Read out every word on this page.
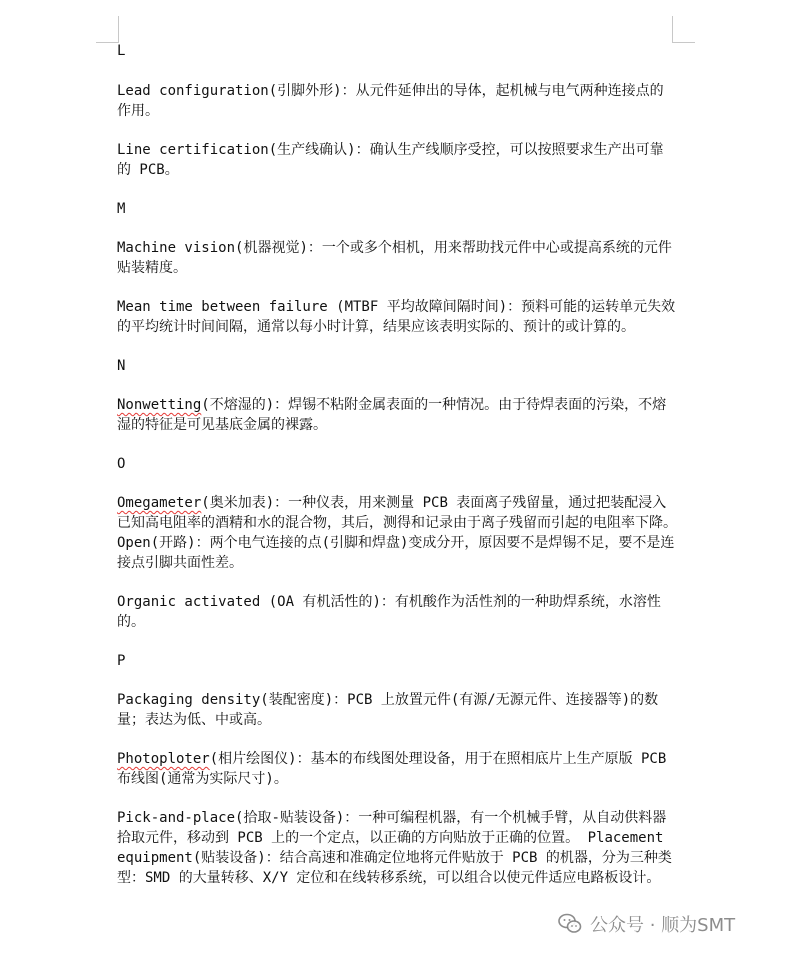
L

Lead configuration(引脚外形)：从元件延伸出的导体，起机械与电气两种连接点的作用。

Line certification(生产线确认)：确认生产线顺序受控，可以按照要求生产出可靠的 PCB。

M

Machine vision(机器视觉)：一个或多个相机，用来帮助找元件中心或提高系统的元件贴装精度。

Mean time between failure (MTBF 平均故障间隔时间)：预料可能的运转单元失效的平均统计时间间隔，通常以每小时计算，结果应该表明实际的、预计的或计算的。

N

Nonwetting(不熔湿的)：焊锡不粘附金属表面的一种情况。由于待焊表面的污染，不熔湿的特征是可见基底金属的裸露。

O

Omegameter(奥米加表)：一种仪表，用来测量 PCB 表面离子残留量，通过把装配浸入已知高电阻率的酒精和水的混合物，其后，测得和记录由于离子残留而引起的电阻率下降。Open(开路)：两个电气连接的点(引脚和焊盘)变成分开，原因要不是焊锡不足，要不是连接点引脚共面性差。

Organic activated (OA 有机活性的)：有机酸作为活性剂的一种助焊系统，水溶性的。

P

Packaging density(装配密度)：PCB 上放置元件(有源/无源元件、连接器等)的数量；表达为低、中或高。

Photoploter(相片绘图仪)：基本的布线图处理设备，用于在照相底片上生产原版 PCB 布线图(通常为实际尺寸)。

Pick-and-place(拾取-贴装设备)：一种可编程机器，有一个机械手臂，从自动供料器拾取元件，移动到 PCB 上的一个定点，以正确的方向贴放于正确的位置。 Placement equipment(贴装设备)：结合高速和准确定位地将元件贴放于 PCB 的机器，分为三种类型：SMD 的大量转移、X/Y 定位和在线转移系统，可以组合以使元件适应电路板设计。

公众号 · 顺为SMT
